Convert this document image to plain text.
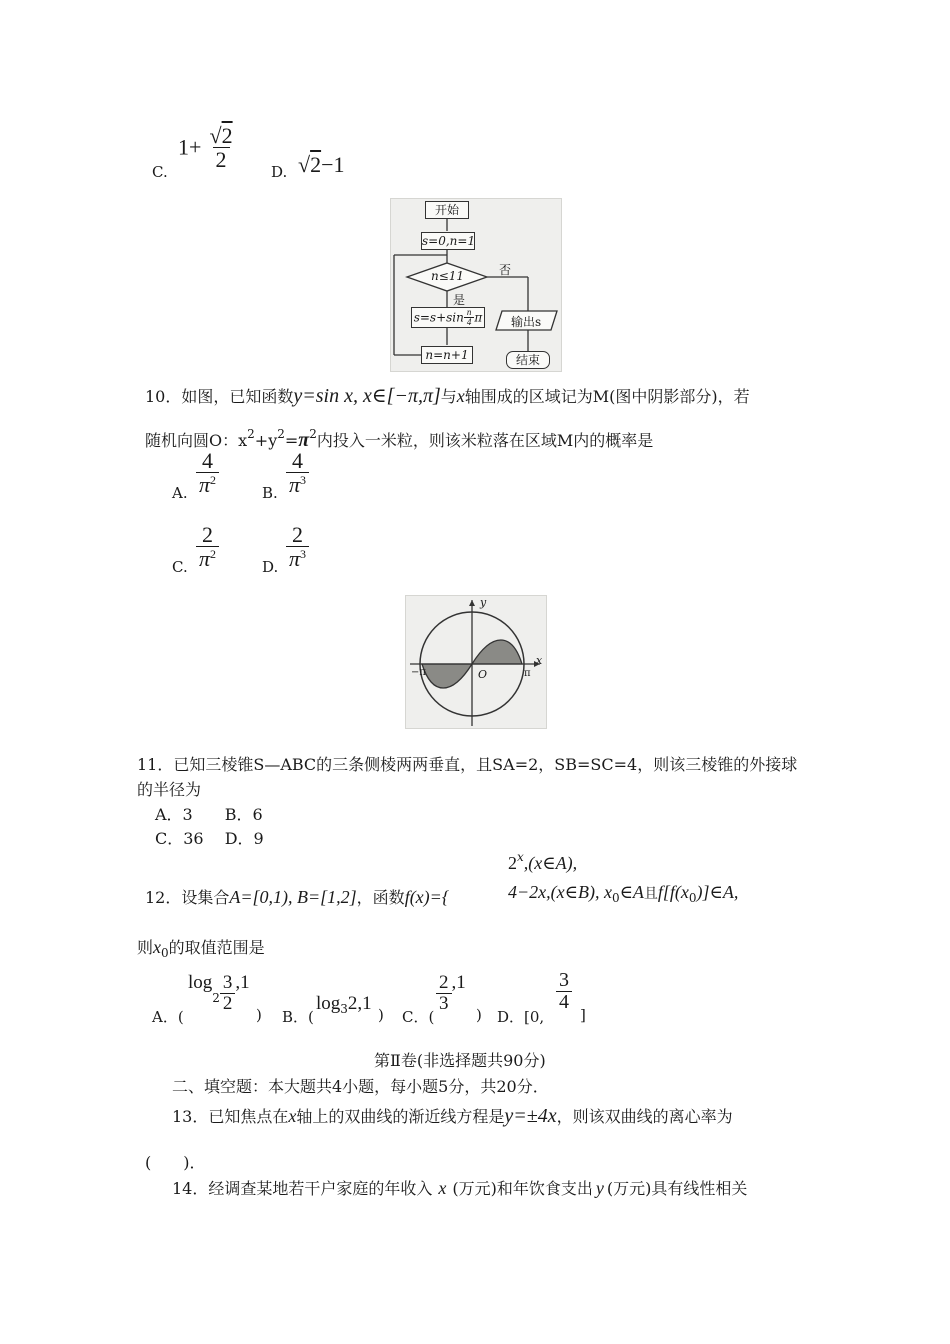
C.
$1+ \frac{√2}{2}$
D. √2−1
开始
s=0,n=1
n≤11	否
是
$s=s+\sin \frac{n}{4}$ π 输出s
n=n+1	结束
10．如图，已知函数y=sin x, x∈[−π,π]与x轴围成的区域记为M(图中阴影部分)，若
随机向圆O：$x^2+y^2=\pi^2$内投入一米粒，则该米粒落在区域M内的概率是
A. $\frac{4}{\pi^2}$	B. $\frac{4}{\pi^3}$
C. $\frac{2}{\pi^2}$	D. $\frac{2}{\pi^3}$
y
x
−π	O	π
11．已知三棱锥S—ABC的三条侧棱两两垂直，且SA=2，SB=SC=4，则该三棱锥的外接球
的半径为
A．3　　B．6
C．36　 D．9
2$^x$,(x∈A),
12．设集合A=[0,1), B=[1,2]，函数f(x)={	4−2x,(x∈B), $x_0\in A$且$f[f(x_0)]\in A$,
则$x_0$的取值范围是
A．(
$\log_2 \frac{3}{2} ,1$
) B．(
$\log_32,1$
) C．(
$\frac{2}{3} ,1$
) D．[0,
$\frac{3}{4}$
]
第Ⅱ卷(非选择题共90分)
二、填空题：本大题共4小题，每小题5分，共20分．
13．已知焦点在x轴上的双曲线的渐近线方程是y=±4x，则该双曲线的离心率为
(　　)．
14．经调查某地若干户家庭的年收入 x (万元)和年饮食支出 y (万元)具有线性相关
